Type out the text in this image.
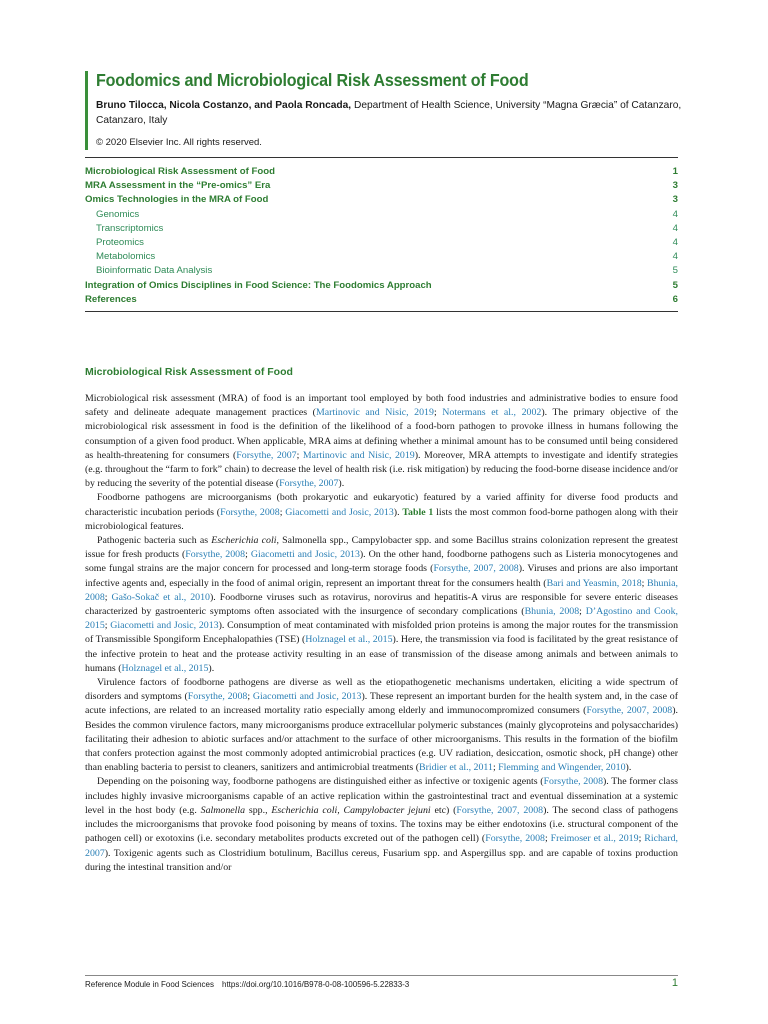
Foodomics and Microbiological Risk Assessment of Food
Bruno Tilocca, Nicola Costanzo, and Paola Roncada, Department of Health Science, University “Magna Græcia” of Catanzaro, Catanzaro, Italy
© 2020 Elsevier Inc. All rights reserved.
Microbiological Risk Assessment of Food	1
MRA Assessment in the “Pre-omics” Era	3
Omics Technologies in the MRA of Food	3
Genomics	4
Transcriptomics	4
Proteomics	4
Metabolomics	4
Bioinformatic Data Analysis	5
Integration of Omics Disciplines in Food Science: The Foodomics Approach	5
References	6
Microbiological Risk Assessment of Food

Microbiological risk assessment (MRA) of food is an important tool employed by both food industries and administrative bodies to ensure food safety and delineate adequate management practices (Martinovic and Nisic, 2019; Notermans et al., 2002). The primary objective of the microbiological risk assessment in food is the definition of the likelihood of a food-born pathogen to provoke illness in humans following the consumption of a given food product. When applicable, MRA aims at defining whether a minimal amount has to be consumed until being considered as health-threatening for consumers (Forsythe, 2007; Martinovic and Nisic, 2019). Moreover, MRA attempts to investigate and identify strategies (e.g. throughout the “farm to fork” chain) to decrease the level of health risk (i.e. risk mitigation) by reducing the food-borne disease incidence and/or by reducing the severity of the potential disease (Forsythe, 2007).

Foodborne pathogens are microorganisms (both prokaryotic and eukaryotic) featured by a varied affinity for diverse food products and characteristic incubation periods (Forsythe, 2008; Giacometti and Josic, 2013). Table 1 lists the most common food-borne pathogen along with their microbiological features.

Pathogenic bacteria such as Escherichia coli, Salmonella spp., Campylobacter spp. and some Bacillus strains colonization represent the greatest issue for fresh products (Forsythe, 2008; Giacometti and Josic, 2013). On the other hand, foodborne pathogens such as Listeria monocytogenes and some fungal strains are the major concern for processed and long-term storage foods (Forsythe, 2007, 2008). Viruses and prions are also important infective agents and, especially in the food of animal origin, represent an important threat for the consumers health (Bari and Yeasmin, 2018; Bhunia, 2008; Gašo-Sokač et al., 2010). Foodborne viruses such as rotavirus, norovirus and hepatitis-A virus are responsible for severe enteric diseases characterized by gastroenteric symptoms often associated with the insurgence of secondary complications (Bhunia, 2008; D’Agostino and Cook, 2015; Giacometti and Josic, 2013). Consumption of meat contaminated with misfolded prion proteins is among the major routes for the transmission of Transmissible Spongiform Encephalopathies (TSE) (Holznagel et al., 2015). Here, the transmission via food is facilitated by the great resistance of the infective protein to heat and the protease activity resulting in an ease of transmission of the disease among animals and between animals to humans (Holznagel et al., 2015).

Virulence factors of foodborne pathogens are diverse as well as the etiopathogenetic mechanisms undertaken, eliciting a wide spectrum of disorders and symptoms (Forsythe, 2008; Giacometti and Josic, 2013). These represent an important burden for the health system and, in the case of acute infections, are related to an increased mortality ratio especially among elderly and immunocompromized consumers (Forsythe, 2007, 2008). Besides the common virulence factors, many microorganisms produce extracellular polymeric substances (mainly glycoproteins and polysaccharides) facilitating their adhesion to abiotic surfaces and/or attachment to the surface of other microorganisms. This results in the formation of the biofilm that confers protection against the most commonly adopted antimicrobial practices (e.g. UV radiation, desiccation, osmotic shock, pH change) other than enabling bacteria to persist to cleaners, sanitizers and antimicrobial treatments (Bridier et al., 2011; Flemming and Wingender, 2010).

Depending on the poisoning way, foodborne pathogens are distinguished either as infective or toxigenic agents (Forsythe, 2008). The former class includes highly invasive microorganisms capable of an active replication within the gastrointestinal tract and eventual dissemination at a systemic level in the host body (e.g. Salmonella spp., Escherichia coli, Campylobacter jejuni etc) (Forsythe, 2007, 2008). The second class of pathogens includes the microorganisms that provoke food poisoning by means of toxins. The toxins may be either endotoxins (i.e. structural component of the pathogen cell) or exotoxins (i.e. secondary metabolites products excreted out of the pathogen cell) (Forsythe, 2008; Freimoser et al., 2019; Richard, 2007). Toxigenic agents such as Clostridium botulinum, Bacillus cereus, Fusarium spp. and Aspergillus spp. and are capable of toxins production during the intestinal transition and/or

Reference Module in Food Sciences https://doi.org/10.1016/B978-0-08-100596-5.22833-3	1
